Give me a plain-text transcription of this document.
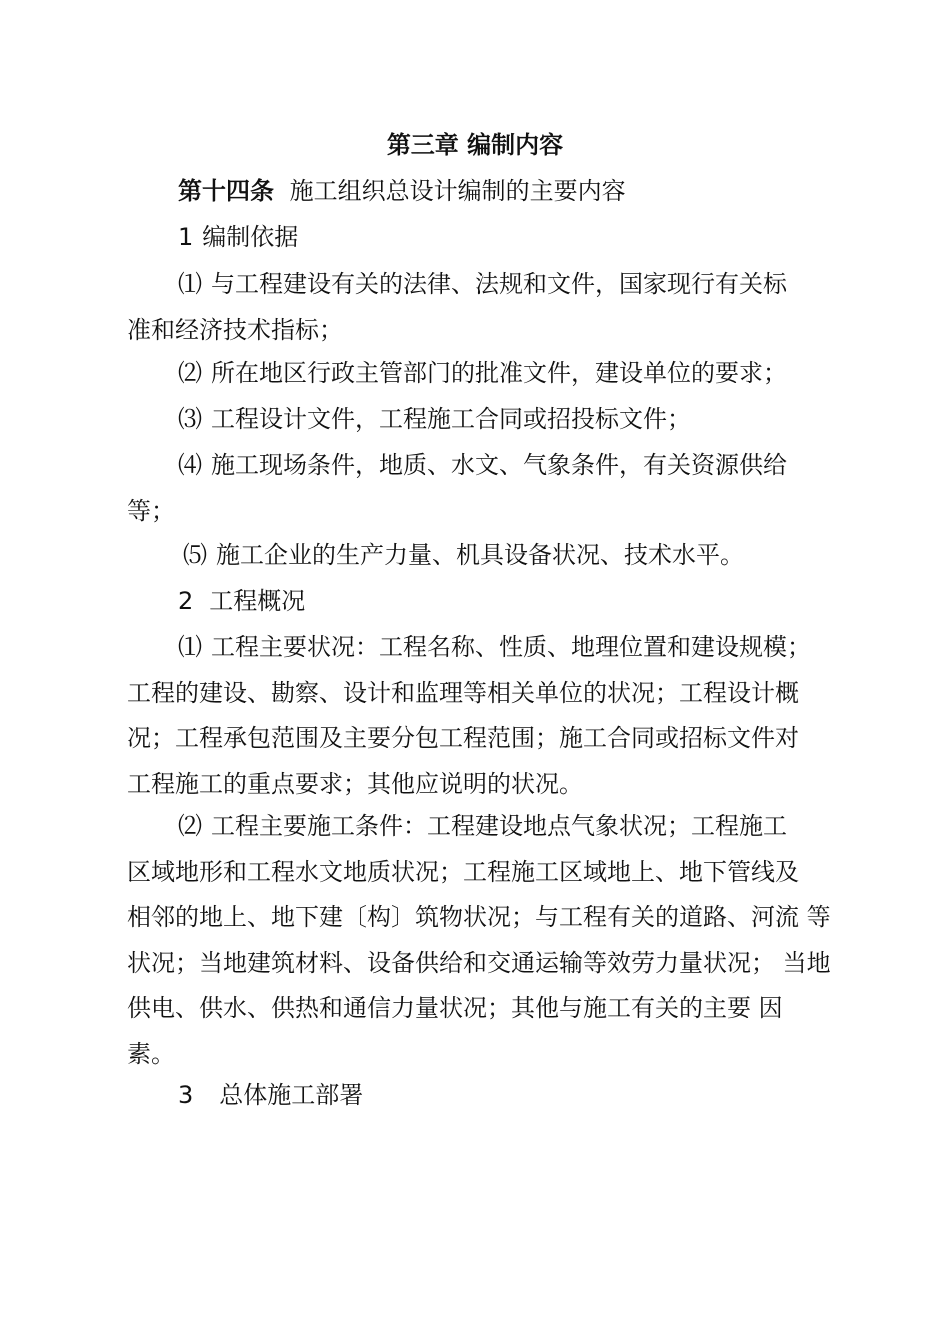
第三章 编制内容
第十四条 施工组织总设计编制的主要内容
1 编制依据
⑴ 与工程建设有关的法律、法规和文件，国家现行有关标
准和经济技术指标；
⑵ 所在地区行政主管部门的批准文件，建设单位的要求；
⑶ 工程设计文件，工程施工合同或招投标文件；
⑷ 施工现场条件，地质、水文、气象条件，有关资源供给
等；
⑸ 施工企业的生产力量、机具设备状况、技术水平。
2 工程概况
⑴ 工程主要状况：工程名称、性质、地理位置和建设规模；
工程的建设、勘察、设计和监理等相关单位的状况；工程设计概
况；工程承包范围及主要分包工程范围；施工合同或招标文件对
工程施工的重点要求；其他应说明的状况。
⑵ 工程主要施工条件：工程建设地点气象状况；工程施工
区域地形和工程水文地质状况；工程施工区域地上、地下管线及
相邻的地上、地下建〔构〕筑物状况；与工程有关的道路、河流 等
状况；当地建筑材料、设备供给和交通运输等效劳力量状况； 当地
供电、供水、供热和通信力量状况；其他与施工有关的主要 因
素。
3 总体施工部署
